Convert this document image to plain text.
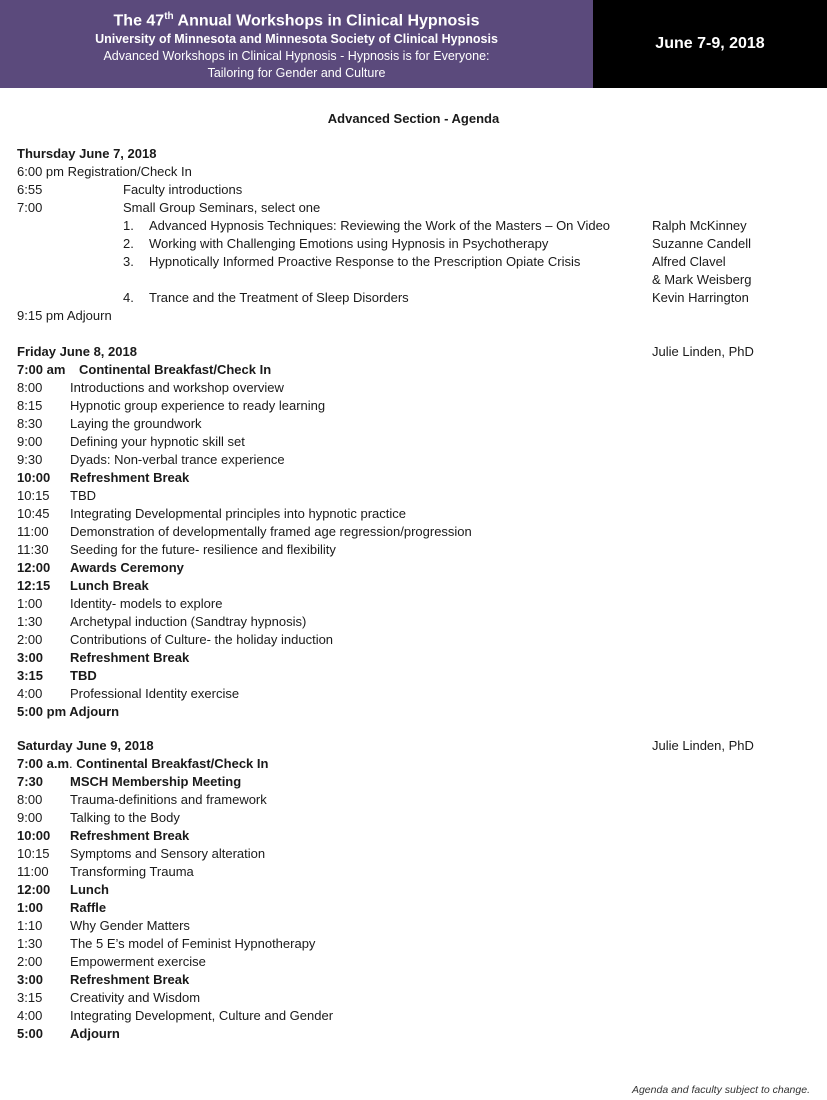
The 47th Annual Workshops in Clinical Hypnosis
University of Minnesota and Minnesota Society of Clinical Hypnosis
Advanced Workshops in Clinical Hypnosis - Hypnosis is for Everyone:
Tailoring for Gender and Culture
June 7-9, 2018
Advanced Section - Agenda
Thursday June 7, 2018
6:00 pm Registration/Check In
6:55	Faculty introductions
7:00	Small Group Seminars, select one
1.	Advanced Hypnosis Techniques: Reviewing the Work of the Masters – On Video	Ralph McKinney
2.	Working with Challenging Emotions using Hypnosis in Psychotherapy	Suzanne Candell
3.	Hypnotically Informed Proactive Response to the Prescription Opiate Crisis	Alfred Clavel
& Mark Weisberg
4.	Trance and the Treatment of Sleep Disorders	Kevin Harrington
9:15 pm Adjourn
Friday June 8, 2018	Julie Linden, PhD
7:00 am Continental Breakfast/Check In
8:00 Introductions and workshop overview
8:15 Hypnotic group experience to ready learning
8:30 Laying the groundwork
9:00 Defining your hypnotic skill set
9:30 Dyads: Non-verbal trance experience
10:00 Refreshment Break
10:15 TBD
10:45 Integrating Developmental principles into hypnotic practice
11:00 Demonstration of developmentally framed age regression/progression
11:30 Seeding for the future- resilience and flexibility
12:00 Awards Ceremony
12:15 Lunch Break
1:00 Identity- models to explore
1:30 Archetypal induction (Sandtray hypnosis)
2:00 Contributions of Culture- the holiday induction
3:00 Refreshment Break
3:15 TBD
4:00 Professional Identity exercise
5:00 pm Adjourn
Saturday June 9, 2018	Julie Linden, PhD
7:00 a.m. Continental Breakfast/Check In
7:30 MSCH Membership Meeting
8:00 Trauma-definitions and framework
9:00 Talking to the Body
10:00 Refreshment Break
10:15 Symptoms and Sensory alteration
11:00 Transforming Trauma
12:00 Lunch
1:00 Raffle
1:10 Why Gender Matters
1:30 The 5 E’s model of Feminist Hypnotherapy
2:00 Empowerment exercise
3:00 Refreshment Break
3:15 Creativity and Wisdom
4:00 Integrating Development, Culture and Gender
5:00 Adjourn
Agenda and faculty subject to change.
